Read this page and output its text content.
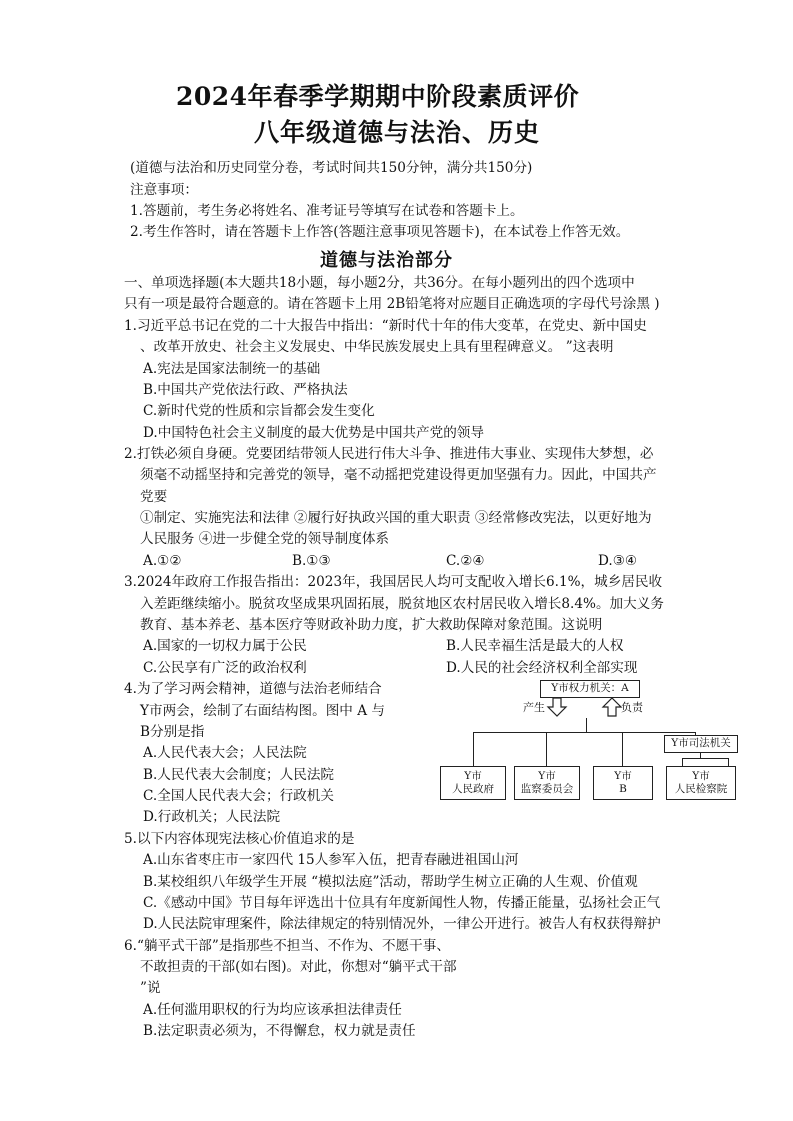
2024年春季学期期中阶段素质评价
八年级道德与法治、历史
(道德与法治和历史同堂分卷，考试时间共150分钟，满分共150分)
注意事项：
1.答题前，考生务必将姓名、准考证号等填写在试卷和答题卡上。
2.考生作答时，请在答题卡上作答(答题注意事项见答题卡)，在本试卷上作答无效。
道德与法治部分
一、单项选择题(本大题共18小题，每小题2分，共36分。在每小题列出的四个选项中
只有一项是最符合题意的。请在答题卡上用 2B铅笔将对应题目正确选项的字母代号涂黑 )
1.习近平总书记在党的二十大报告中指出：“新时代十年的伟大变革，在党史、新中国史
、改革开放史、社会主义发展史、中华民族发展史上具有里程碑意义。 ”这表明
A.宪法是国家法制统一的基础
B.中国共产党依法行政、严格执法
C.新时代党的性质和宗旨都会发生变化
D.中国特色社会主义制度的最大优势是中国共产党的领导
2.打铁必须自身硬。党要团结带领人民进行伟大斗争、推进伟大事业、实现伟大梦想，必
须毫不动摇坚持和完善党的领导，毫不动摇把党建设得更加坚强有力。因此，中国共产
党要
①制定、实施宪法和法律 ②履行好执政兴国的重大职责 ③经常修改宪法，以更好地为
人民服务 ④进一步健全党的领导制度体系
A.①②	B.①③	C.②④	D.③④
3.2024年政府工作报告指出：2023年，我国居民人均可支配收入增长6.1%，城乡居民收
入差距继续缩小。脱贫攻坚成果巩固拓展，脱贫地区农村居民收入增长8.4%。加大义务
教育、基本养老、基本医疗等财政补助力度，扩大救助保障对象范围。这说明
A.国家的一切权力属于公民	B.人民幸福生活是最大的人权
C.公民享有广泛的政治权利	D.人民的社会经济权利全部实现
4.为了学习两会精神，道德与法治老师结合
Y市两会，绘制了右面结构图。图中 A 与
B分别是指
A.人民代表大会；人民法院
B.人民代表大会制度；人民法院
C.全国人民代表大会；行政机关
D.行政机关；人民法院
Y市权力机关：A
产生	负责
Y市司法机关
Y市
人民政府
Y市
监察委员会
Y市
B
Y市
人民检察院
5.以下内容体现宪法核心价值追求的是
A.山东省枣庄市一家四代 15人参军入伍，把青春融进祖国山河
B.某校组织八年级学生开展 “模拟法庭”活动，帮助学生树立正确的人生观、价值观
C.《感动中国》节目每年评选出十位具有年度新闻性人物，传播正能量，弘扬社会正气
D.人民法院审理案件，除法律规定的特别情况外，一律公开进行。被告人有权获得辩护
6.“躺平式干部”是指那些不担当、不作为、不愿干事、
不敢担责的干部(如右图)。对此，你想对“躺平式干部
”说
A.任何滥用职权的行为均应该承担法律责任
B.法定职责必须为，不得懈怠，权力就是责任
